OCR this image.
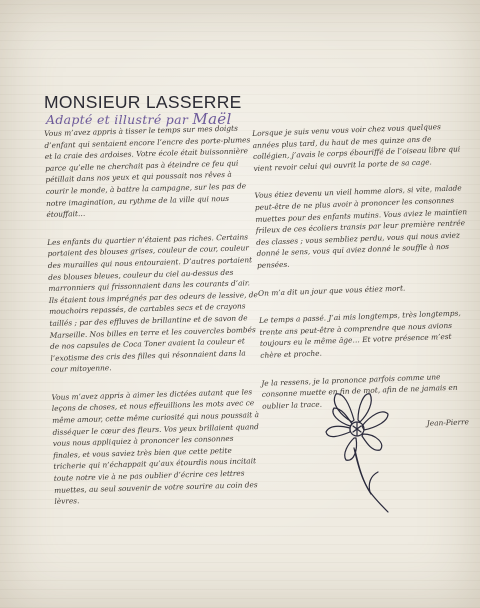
MONSIEUR LASSERRE
Adapté et illustré par Maël

Vous m’avez appris à tisser le temps sur mes doigts d’enfant qui sentaient encore l’encre des porte-plumes et la craie des ardoises. Votre école était buissonnière parce qu’elle ne cherchait pas à éteindre ce feu qui pétillait dans nos yeux et qui poussait nos rêves à courir le monde, à battre la campagne, sur les pas de notre imagination, au rythme de la ville qui nous étouffait…

Les enfants du quartier n’étaient pas riches. Certains portaient des blouses grises, couleur de cour, couleur des murailles qui nous entouraient. D’autres portaient des blouses bleues, couleur du ciel au-dessus des marronniers qui frissonnaient dans les courants d’air. Ils étaient tous imprégnés par des odeurs de lessive, de mouchoirs repassés, de cartables secs et de crayons taillés ; par des effluves de brillantine et de savon de Marseille. Nos billes en terre et les couvercles bombés de nos capsules de Coca Toner avaient la couleur et l’exotisme des cris des filles qui résonnaient dans la cour mitoyenne.

Vous m’avez appris à aimer les dictées autant que les leçons de choses, et nous effeuillions les mots avec ce même amour, cette même curiosité qui nous poussait à disséquer le cœur des fleurs. Vos yeux brillaient quand vous nous appliquiez à prononcer les consonnes finales, et vous saviez très bien que cette petite tricherie qui n’échappait qu’aux étourdis nous incitait toute notre vie à ne pas oublier d’écrire ces lettres muettes, au seul souvenir de votre sourire au coin des lèvres.

Lorsque je suis venu vous voir chez vous quelques années plus tard, du haut de mes quinze ans de collégien, j’avais le corps ébouriffé de l’oiseau libre qui vient revoir celui qui ouvrit la porte de sa cage.

Vous étiez devenu un vieil homme alors, si vite, malade peut-être de ne plus avoir à prononcer les consonnes muettes pour des enfants mutins. Vous aviez le maintien frileux de ces écoliers transis par leur première rentrée des classes ; vous sembliez perdu, vous qui nous aviez donné le sens, vous qui aviez donné le souffle à nos pensées.

On m’a dit un jour que vous étiez mort.

Le temps a passé. J’ai mis longtemps, très longtemps, trente ans peut-être à comprendre que nous avions toujours eu le même âge… Et votre présence m’est chère et proche.

Je la ressens, je la prononce parfois comme une consonne muette en fin de mot, afin de ne jamais en oublier la trace.

Jean-Pierre
